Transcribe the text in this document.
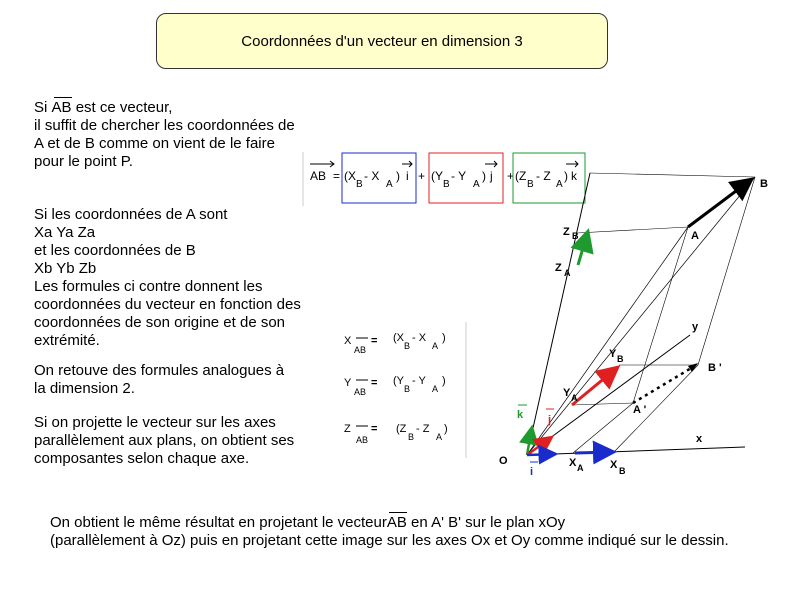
Coordonnées d'un vecteur en dimension 3
Si AB est ce vecteur,
il suffit de chercher les coordonnées de A et de B comme on vient de le faire pour le point P.
Si les coordonnées de A sont
Xa Ya Za
et les coordonnées de B
Xb Yb Zb
Les formules ci contre donnent les coordonnées du vecteur en fonction des coordonnées de son origine et de son extrémité.
On retouve des formules analogues à la dimension 2.
Si on projette le vecteur sur les axes parallèlement aux plans, on obtient ses composantes selon chaque axe.
On obtient le même résultat en projetant le vecteurAB en A' B' sur le plan xOy
(parallèlement à Oz) puis en projetant cette image sur les axes Ox et Oy comme indiqué sur le dessin.
AB = (X
B
- X
A
) i + (Y
B
- Y
A
) j + (Z
B
- Z
A
) k
X
AB
= (X
B
- X
A
)
Y
AB
= (Y
B
- Y
A
)
Z
AB
= (Z
B
- Z
A
)
B
A
Z B
Z A
y
Y B
B '
Y A
A '
k j
x
O
i
X A X B
